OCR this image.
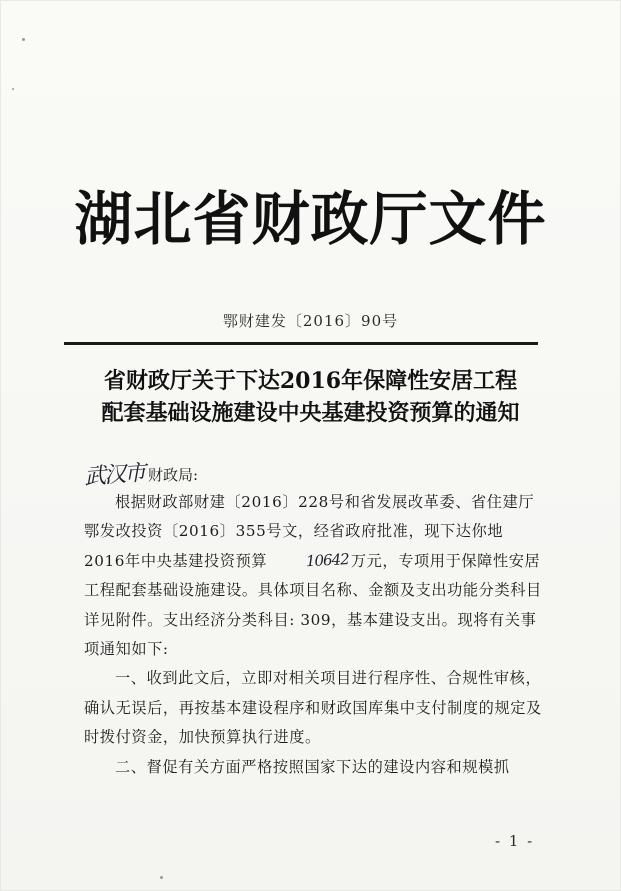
湖北省财政厅文件
鄂财建发〔2016〕90号
省财政厅关于下达2016年保障性安居工程
配套基础设施建设中央基建投资预算的通知
武汉市 财政局:

根据财政部财建〔2016〕228号和省发展改革委、省住建厅鄂发改投资〔2016〕355号文，经省政府批准，现下达你地2016年中央基建投资预算	10642 万元，专项用于保障性安居工程配套基础设施建设。具体项目名称、金额及支出功能分类科目详见附件。支出经济分类科目: 309，基本建设支出。现将有关事项通知如下:

一、收到此文后，立即对相关项目进行程序性、合规性审核，确认无误后，再按基本建设程序和财政国库集中支付制度的规定及时拨付资金，加快预算执行进度。

二、督促有关方面严格按照国家下达的建设内容和规模抓

- 1 -
